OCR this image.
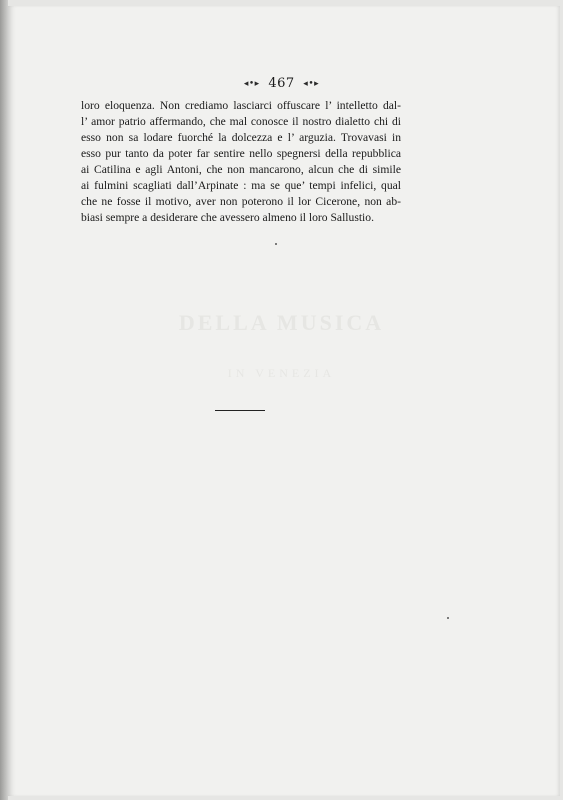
DELLA MUSICA
IN VENEZIA
◂•▸ 467 ◂•▸
loro eloquenza. Non crediamo lasciarci offuscare l’ intelletto dal-
l’ amor patrio affermando, che mal conosce il nostro dialetto chi di
esso non sa lodare fuorché la dolcezza e l’ arguzia. Trovavasi in
esso pur tanto da poter far sentire nello spegnersi della repubblica
ai Catilina e agli Antoni, che non mancarono, alcun che di simile
ai fulmini scagliati dall’Arpinate : ma se que’ tempi infelici, qual
che ne fosse il motivo, aver non poterono il lor Cicerone, non ab-
biasi sempre a desiderare che avessero almeno il loro Sallustio.
